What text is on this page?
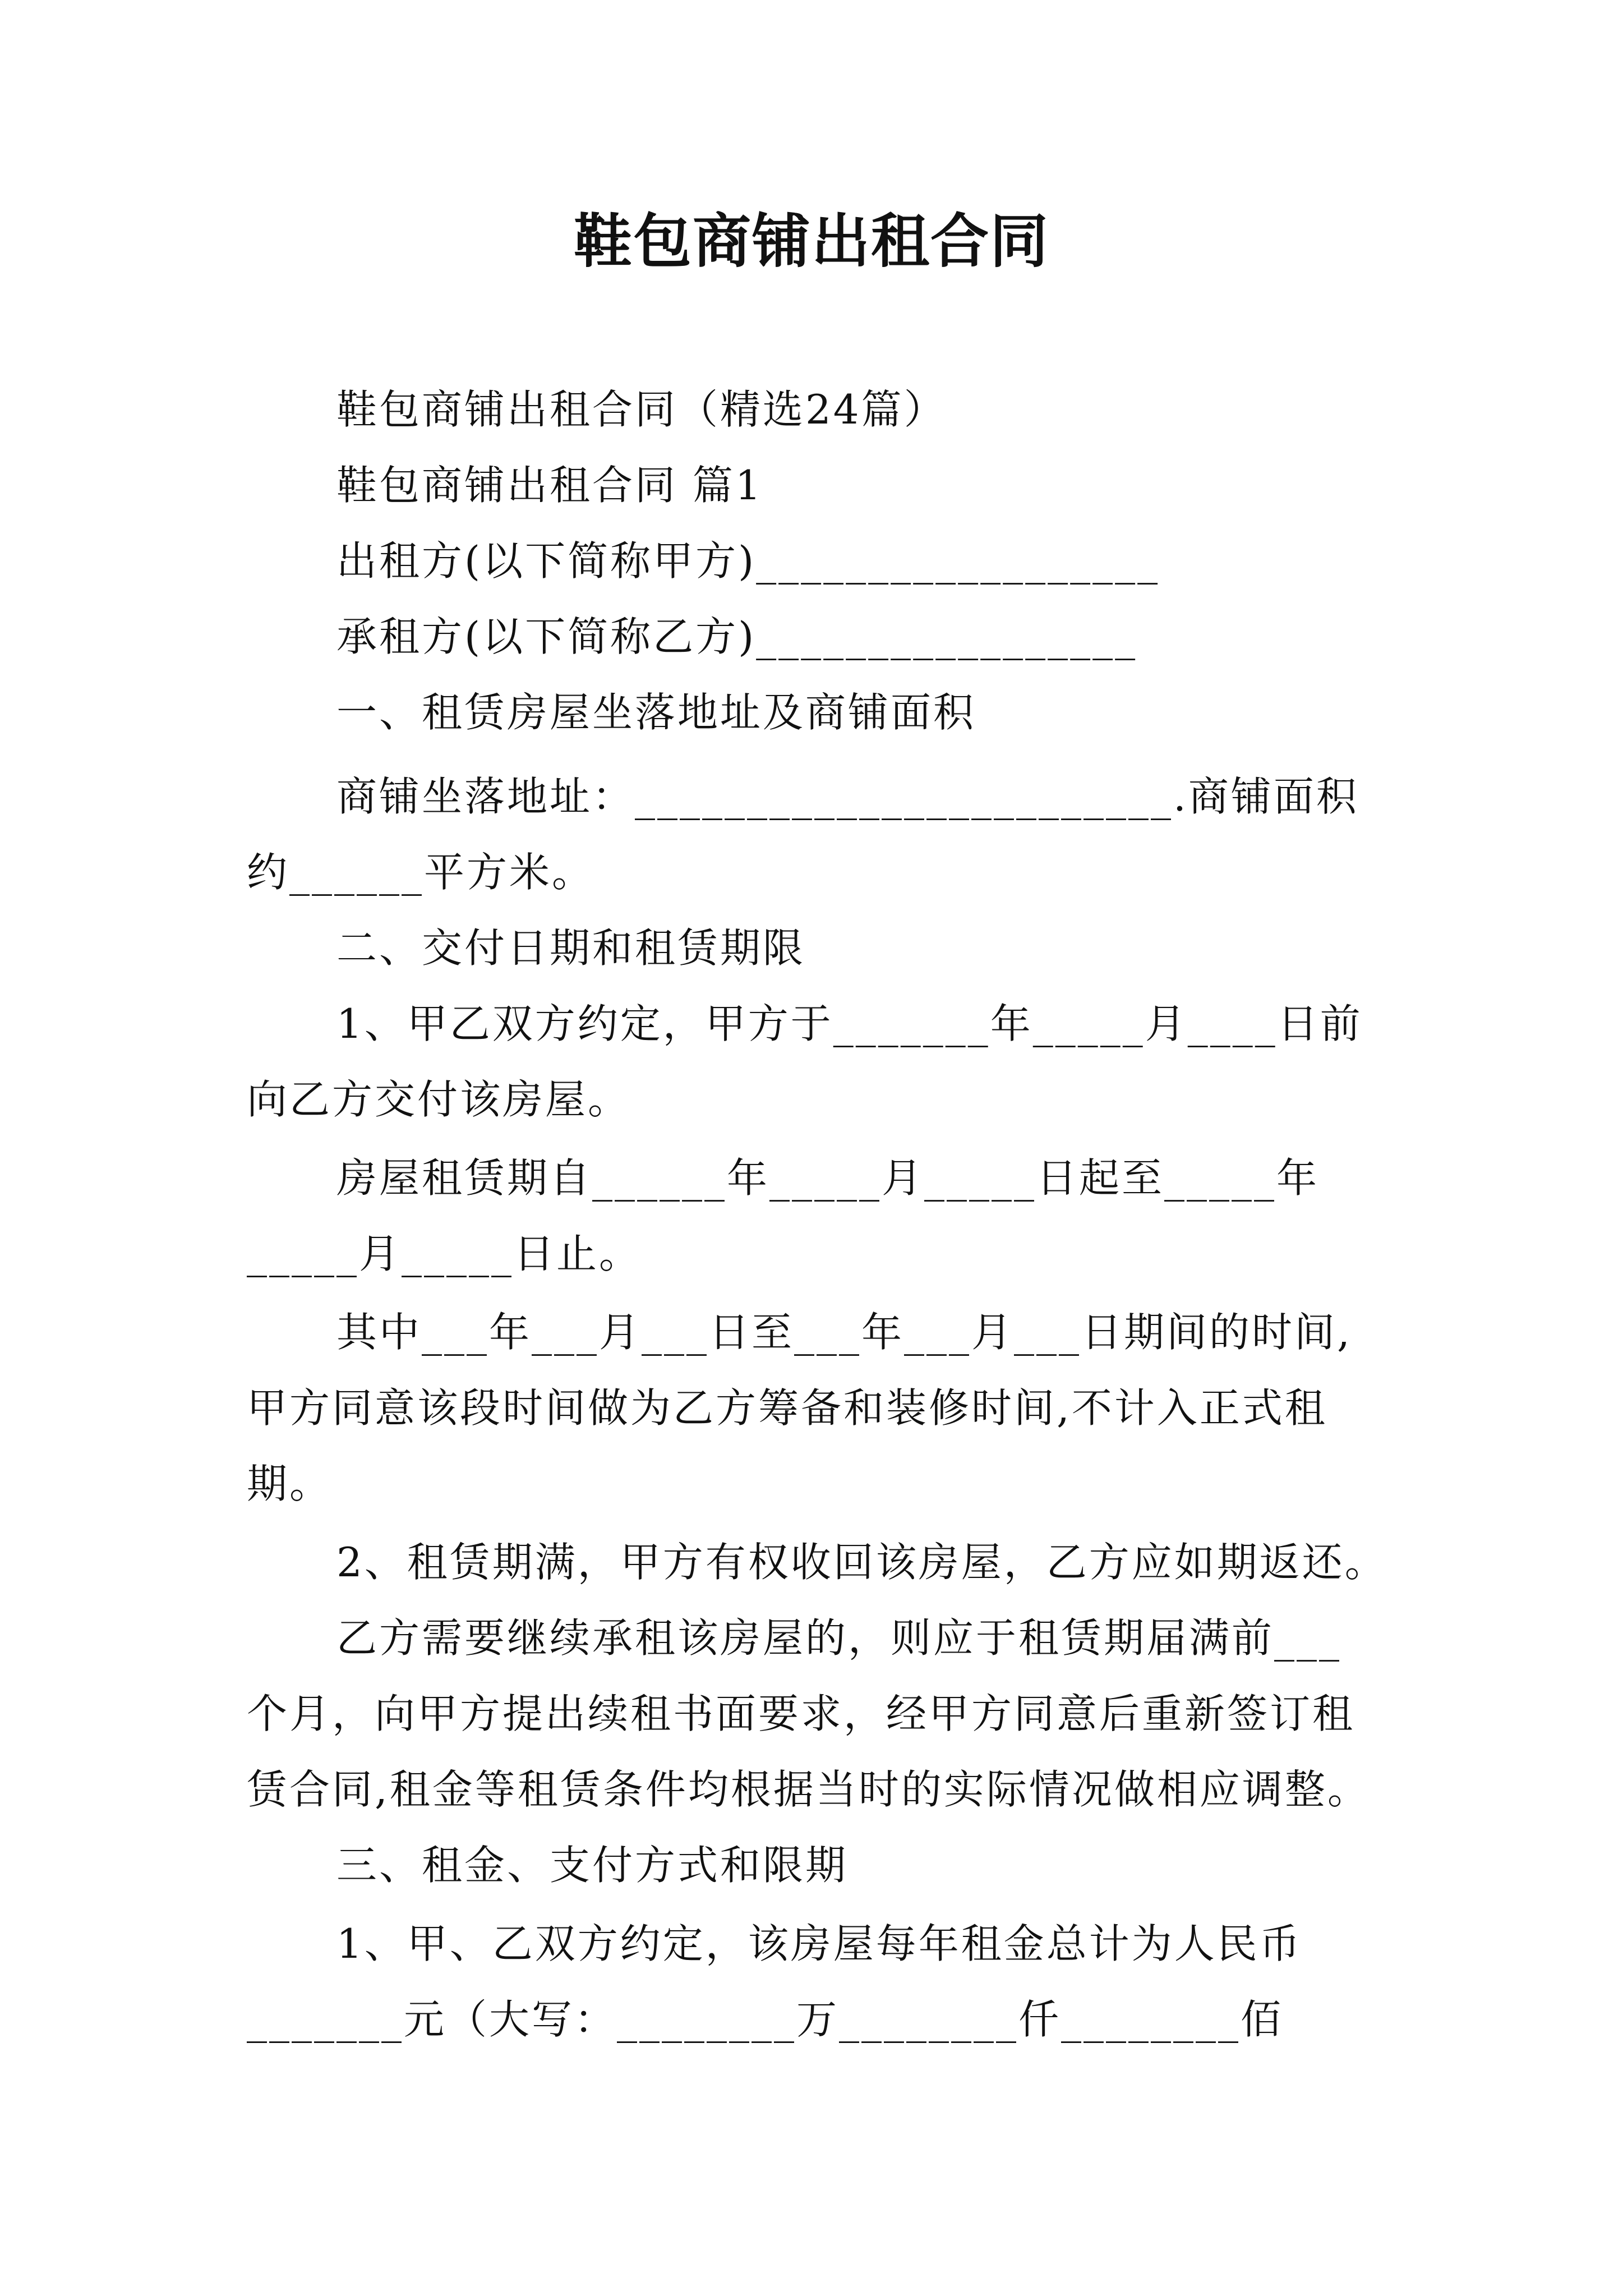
鞋包商铺出租合同
鞋包商铺出租合同（精选24篇）
鞋包商铺出租合同 篇1
出租方(以下简称甲方)__________________
承租方(以下简称乙方)_________________
一、租赁房屋坐落地址及商铺面积
商铺坐落地址：________________________.商铺面积
约______平方米。
二、交付日期和租赁期限
1、甲乙双方约定，甲方于_______年_____月____日前
向乙方交付该房屋。
房屋租赁期自______年_____月_____日起至_____年
_____月_____日止。
其中___年___月___日至___年___月___日期间的时间,
甲方同意该段时间做为乙方筹备和装修时间,不计入正式租
期。
2、租赁期满，甲方有权收回该房屋，乙方应如期返还。
乙方需要继续承租该房屋的，则应于租赁期届满前___
个月，向甲方提出续租书面要求，经甲方同意后重新签订租
赁合同,租金等租赁条件均根据当时的实际情况做相应调整。
三、租金、支付方式和限期
1、甲、乙双方约定，该房屋每年租金总计为人民币
_______元（大写：________万________仟________佰
